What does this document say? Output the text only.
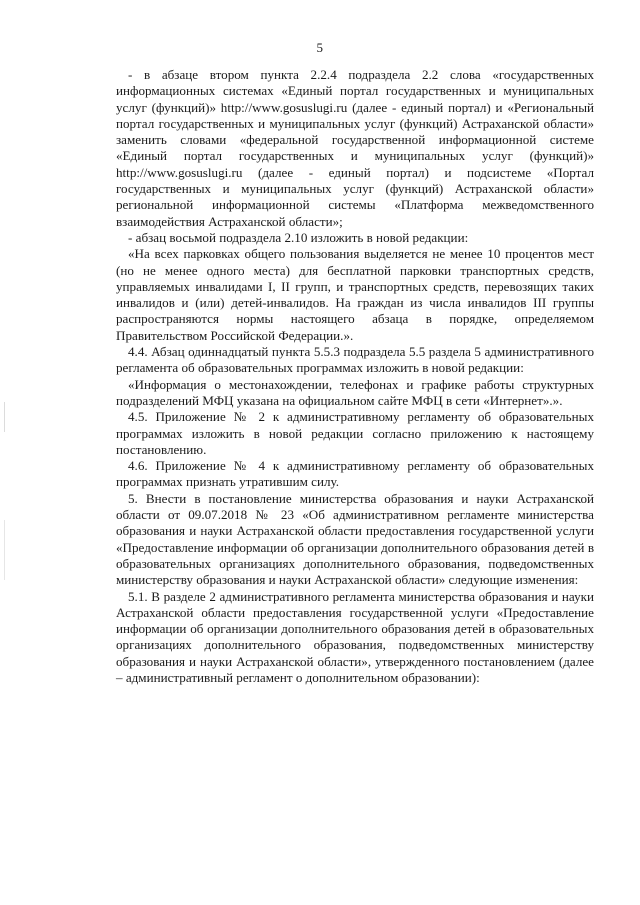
5

- в абзаце втором пункта 2.2.4 подраздела 2.2 слова «государственных информационных системах «Единый портал государственных и муниципальных услуг (функций)» http://www.gosuslugi.ru (далее - единый портал) и «Региональный портал государственных и муниципальных услуг (функций) Астраханской области» заменить словами «федеральной государственной информационной системе «Единый портал государственных и муниципальных услуг (функций)» http://www.gosuslugi.ru (далее - единый портал) и подсистеме «Портал государственных и муниципальных услуг (функций) Астраханской области» региональной информационной системы «Платформа межведомственного взаимодействия Астраханской области»;

- абзац восьмой подраздела 2.10 изложить в новой редакции:

«На всех парковках общего пользования выделяется не менее 10 процентов мест (но не менее одного места) для бесплатной парковки транспортных средств, управляемых инвалидами I, II групп, и транспортных средств, перевозящих таких инвалидов и (или) детей-инвалидов. На граждан из числа инвалидов III группы распространяются нормы настоящего абзаца в порядке, определяемом Правительством Российской Федерации.».

4.4. Абзац одиннадцатый пункта 5.5.3 подраздела 5.5 раздела 5 административного регламента об образовательных программах изложить в новой редакции:

«Информация о местонахождении, телефонах и графике работы структурных подразделений МФЦ указана на официальном сайте МФЦ в сети «Интернет».».

4.5. Приложение № 2 к административному регламенту об образовательных программах изложить в новой редакции согласно приложению к настоящему постановлению.

4.6. Приложение № 4 к административному регламенту об образовательных программах признать утратившим силу.

5. Внести в постановление министерства образования и науки Астраханской области от 09.07.2018 № 23 «Об административном регламенте министерства образования и науки Астраханской области предоставления государственной услуги «Предоставление информации об организации дополнительного образования детей в образовательных организациях дополнительного образования, подведомственных министерству образования и науки Астраханской области» следующие изменения:

5.1. В разделе 2 административного регламента министерства образования и науки Астраханской области предоставления государственной услуги «Предоставление информации об организации дополнительного образования детей в образовательных организациях дополнительного образования, подведомственных министерству образования и науки Астраханской области», утвержденного постановлением (далее – административный регламент о дополнительном образовании):
